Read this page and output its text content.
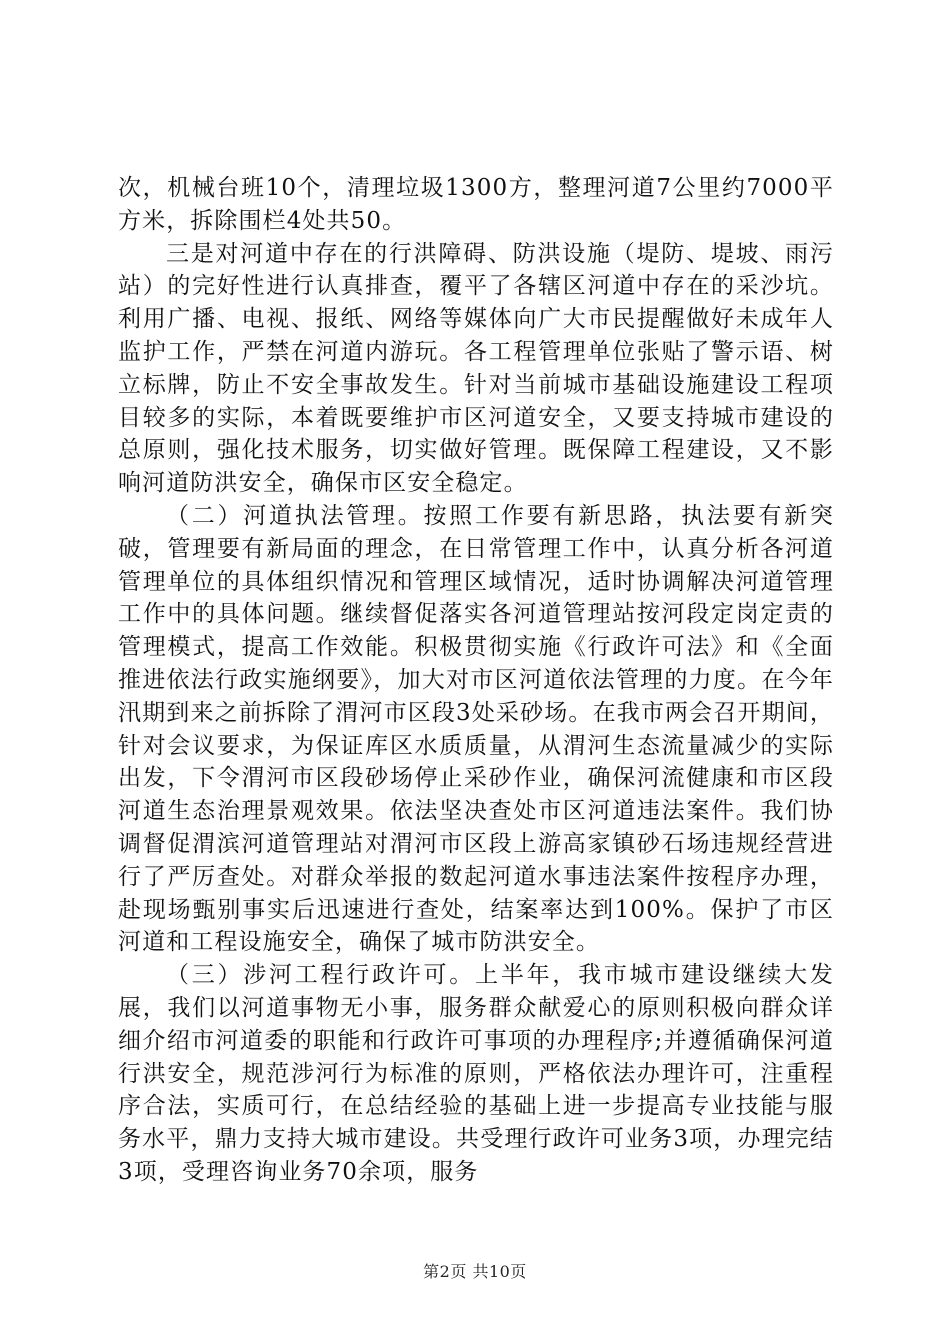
次，机械台班10个，清理垃圾1300方，整理河道7公里约7000平方米，拆除围栏4处共50。

三是对河道中存在的行洪障碍、防洪设施（堤防、堤坡、雨污站）的完好性进行认真排查，覆平了各辖区河道中存在的采沙坑。利用广播、电视、报纸、网络等媒体向广大市民提醒做好未成年人监护工作，严禁在河道内游玩。各工程管理单位张贴了警示语、树立标牌，防止不安全事故发生。针对当前城市基础设施建设工程项目较多的实际，本着既要维护市区河道安全，又要支持城市建设的总原则，强化技术服务，切实做好管理。既保障工程建设，又不影响河道防洪安全，确保市区安全稳定。

（二）河道执法管理。按照工作要有新思路，执法要有新突破，管理要有新局面的理念，在日常管理工作中，认真分析各河道管理单位的具体组织情况和管理区域情况，适时协调解决河道管理工作中的具体问题。继续督促落实各河道管理站按河段定岗定责的管理模式，提高工作效能。积极贯彻实施《行政许可法》和《全面推进依法行政实施纲要》，加大对市区河道依法管理的力度。在今年汛期到来之前拆除了渭河市区段3处采砂场。在我市两会召开期间，针对会议要求，为保证库区水质质量，从渭河生态流量减少的实际出发，下令渭河市区段砂场停止采砂作业，确保河流健康和市区段河道生态治理景观效果。依法坚决查处市区河道违法案件。我们协调督促渭滨河道管理站对渭河市区段上游高家镇砂石场违规经营进行了严厉查处。对群众举报的数起河道水事违法案件按程序办理，赴现场甄别事实后迅速进行查处，结案率达到100%。保护了市区河道和工程设施安全，确保了城市防洪安全。

（三）涉河工程行政许可。上半年，我市城市建设继续大发展，我们以河道事物无小事，服务群众献爱心的原则积极向群众详细介绍市河道委的职能和行政许可事项的办理程序;并遵循确保河道行洪安全，规范涉河行为标准的原则，严格依法办理许可，注重程序合法，实质可行，在总结经验的基础上进一步提高专业技能与服务水平，鼎力支持大城市建设。共受理行政许可业务3项，办理完结3项，受理咨询业务70余项，服务

第2页 共10页
